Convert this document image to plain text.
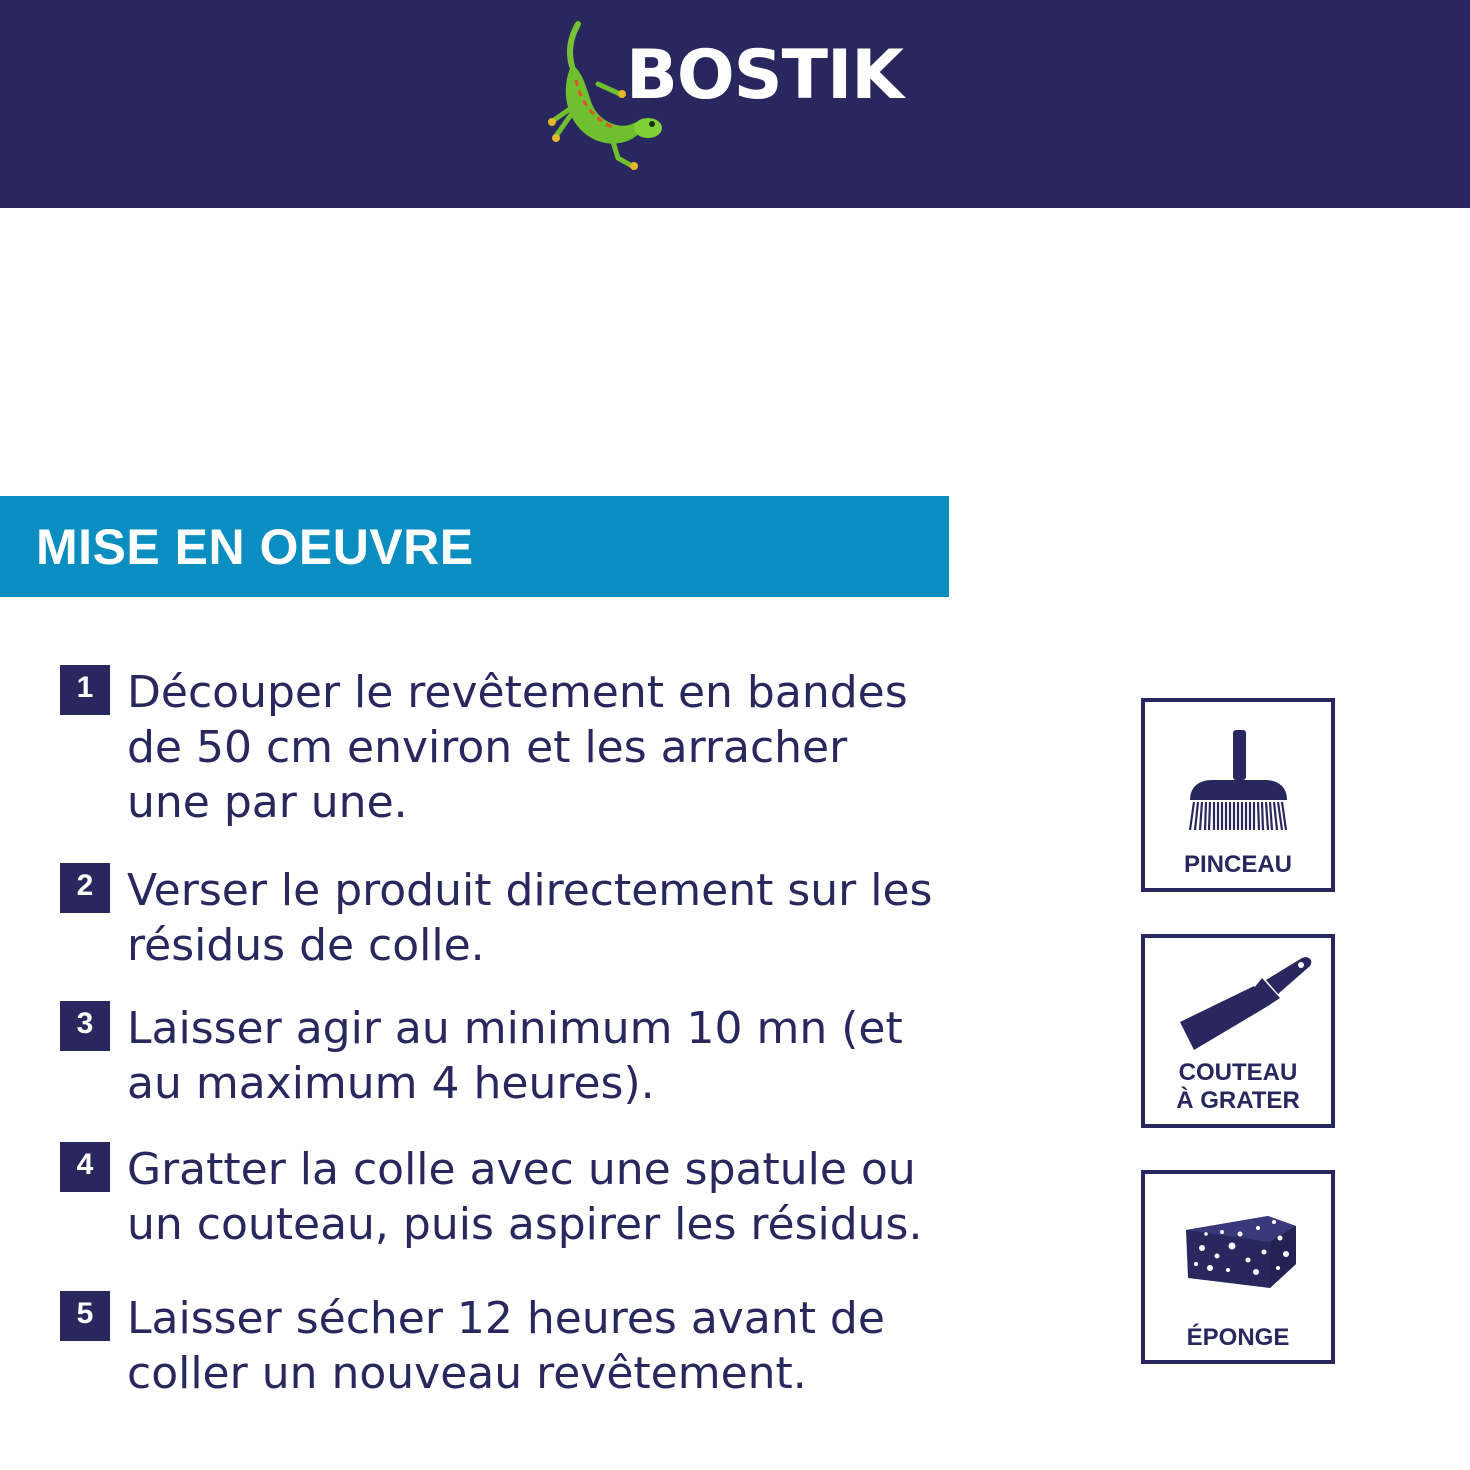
BOSTIK
MISE EN OEUVRE
1 Découper le revêtement en bandes
de 50 cm environ et les arracher
une par une.

2 Verser le produit directement sur les
résidus de colle.

3 Laisser agir au minimum 10 mn (et
au maximum 4 heures).

4 Gratter la colle avec une spatule ou
un couteau, puis aspirer les résidus.

5 Laisser sécher 12 heures avant de
coller un nouveau revêtement.

PINCEAU
COUTEAU
À GRATER
ÉPONGE
